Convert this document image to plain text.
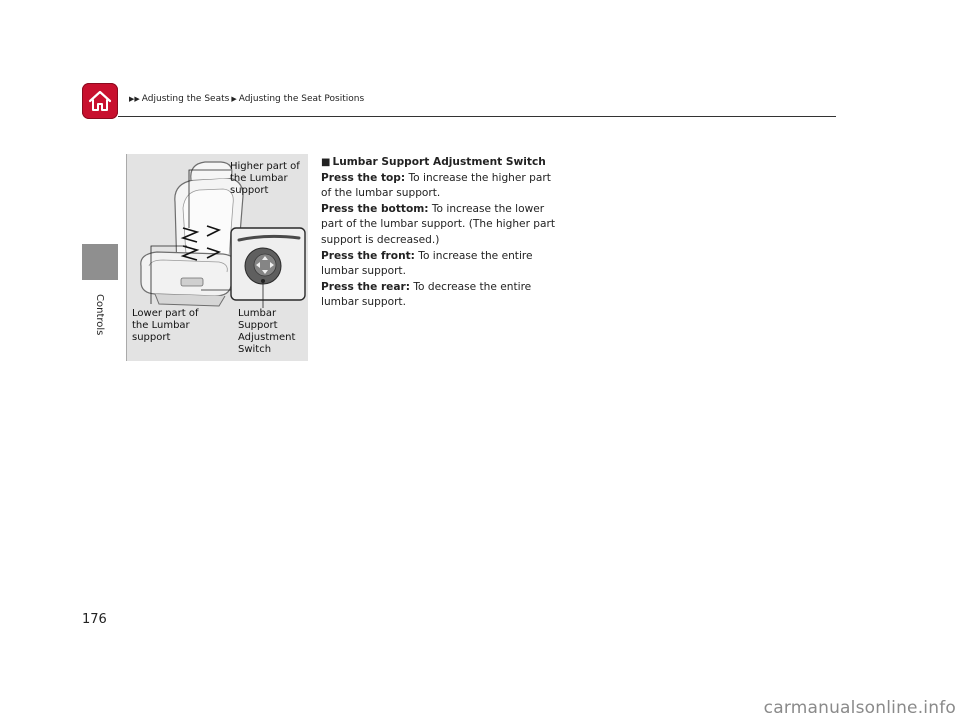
▶▶ Adjusting the Seats ▶ Adjusting the Seat Positions
Controls
Higher part of
the Lumbar
support
Lower part of
the Lumbar
support
Lumbar
Support
Adjustment
Switch
■ Lumbar Support Adjustment Switch

Press the top: To increase the higher part of the lumbar support.

Press the bottom: To increase the lower part of the lumbar support. (The higher part support is decreased.)

Press the front: To increase the entire lumbar support.

Press the rear: To decrease the entire lumbar support.

176
carmanualsonline.info
